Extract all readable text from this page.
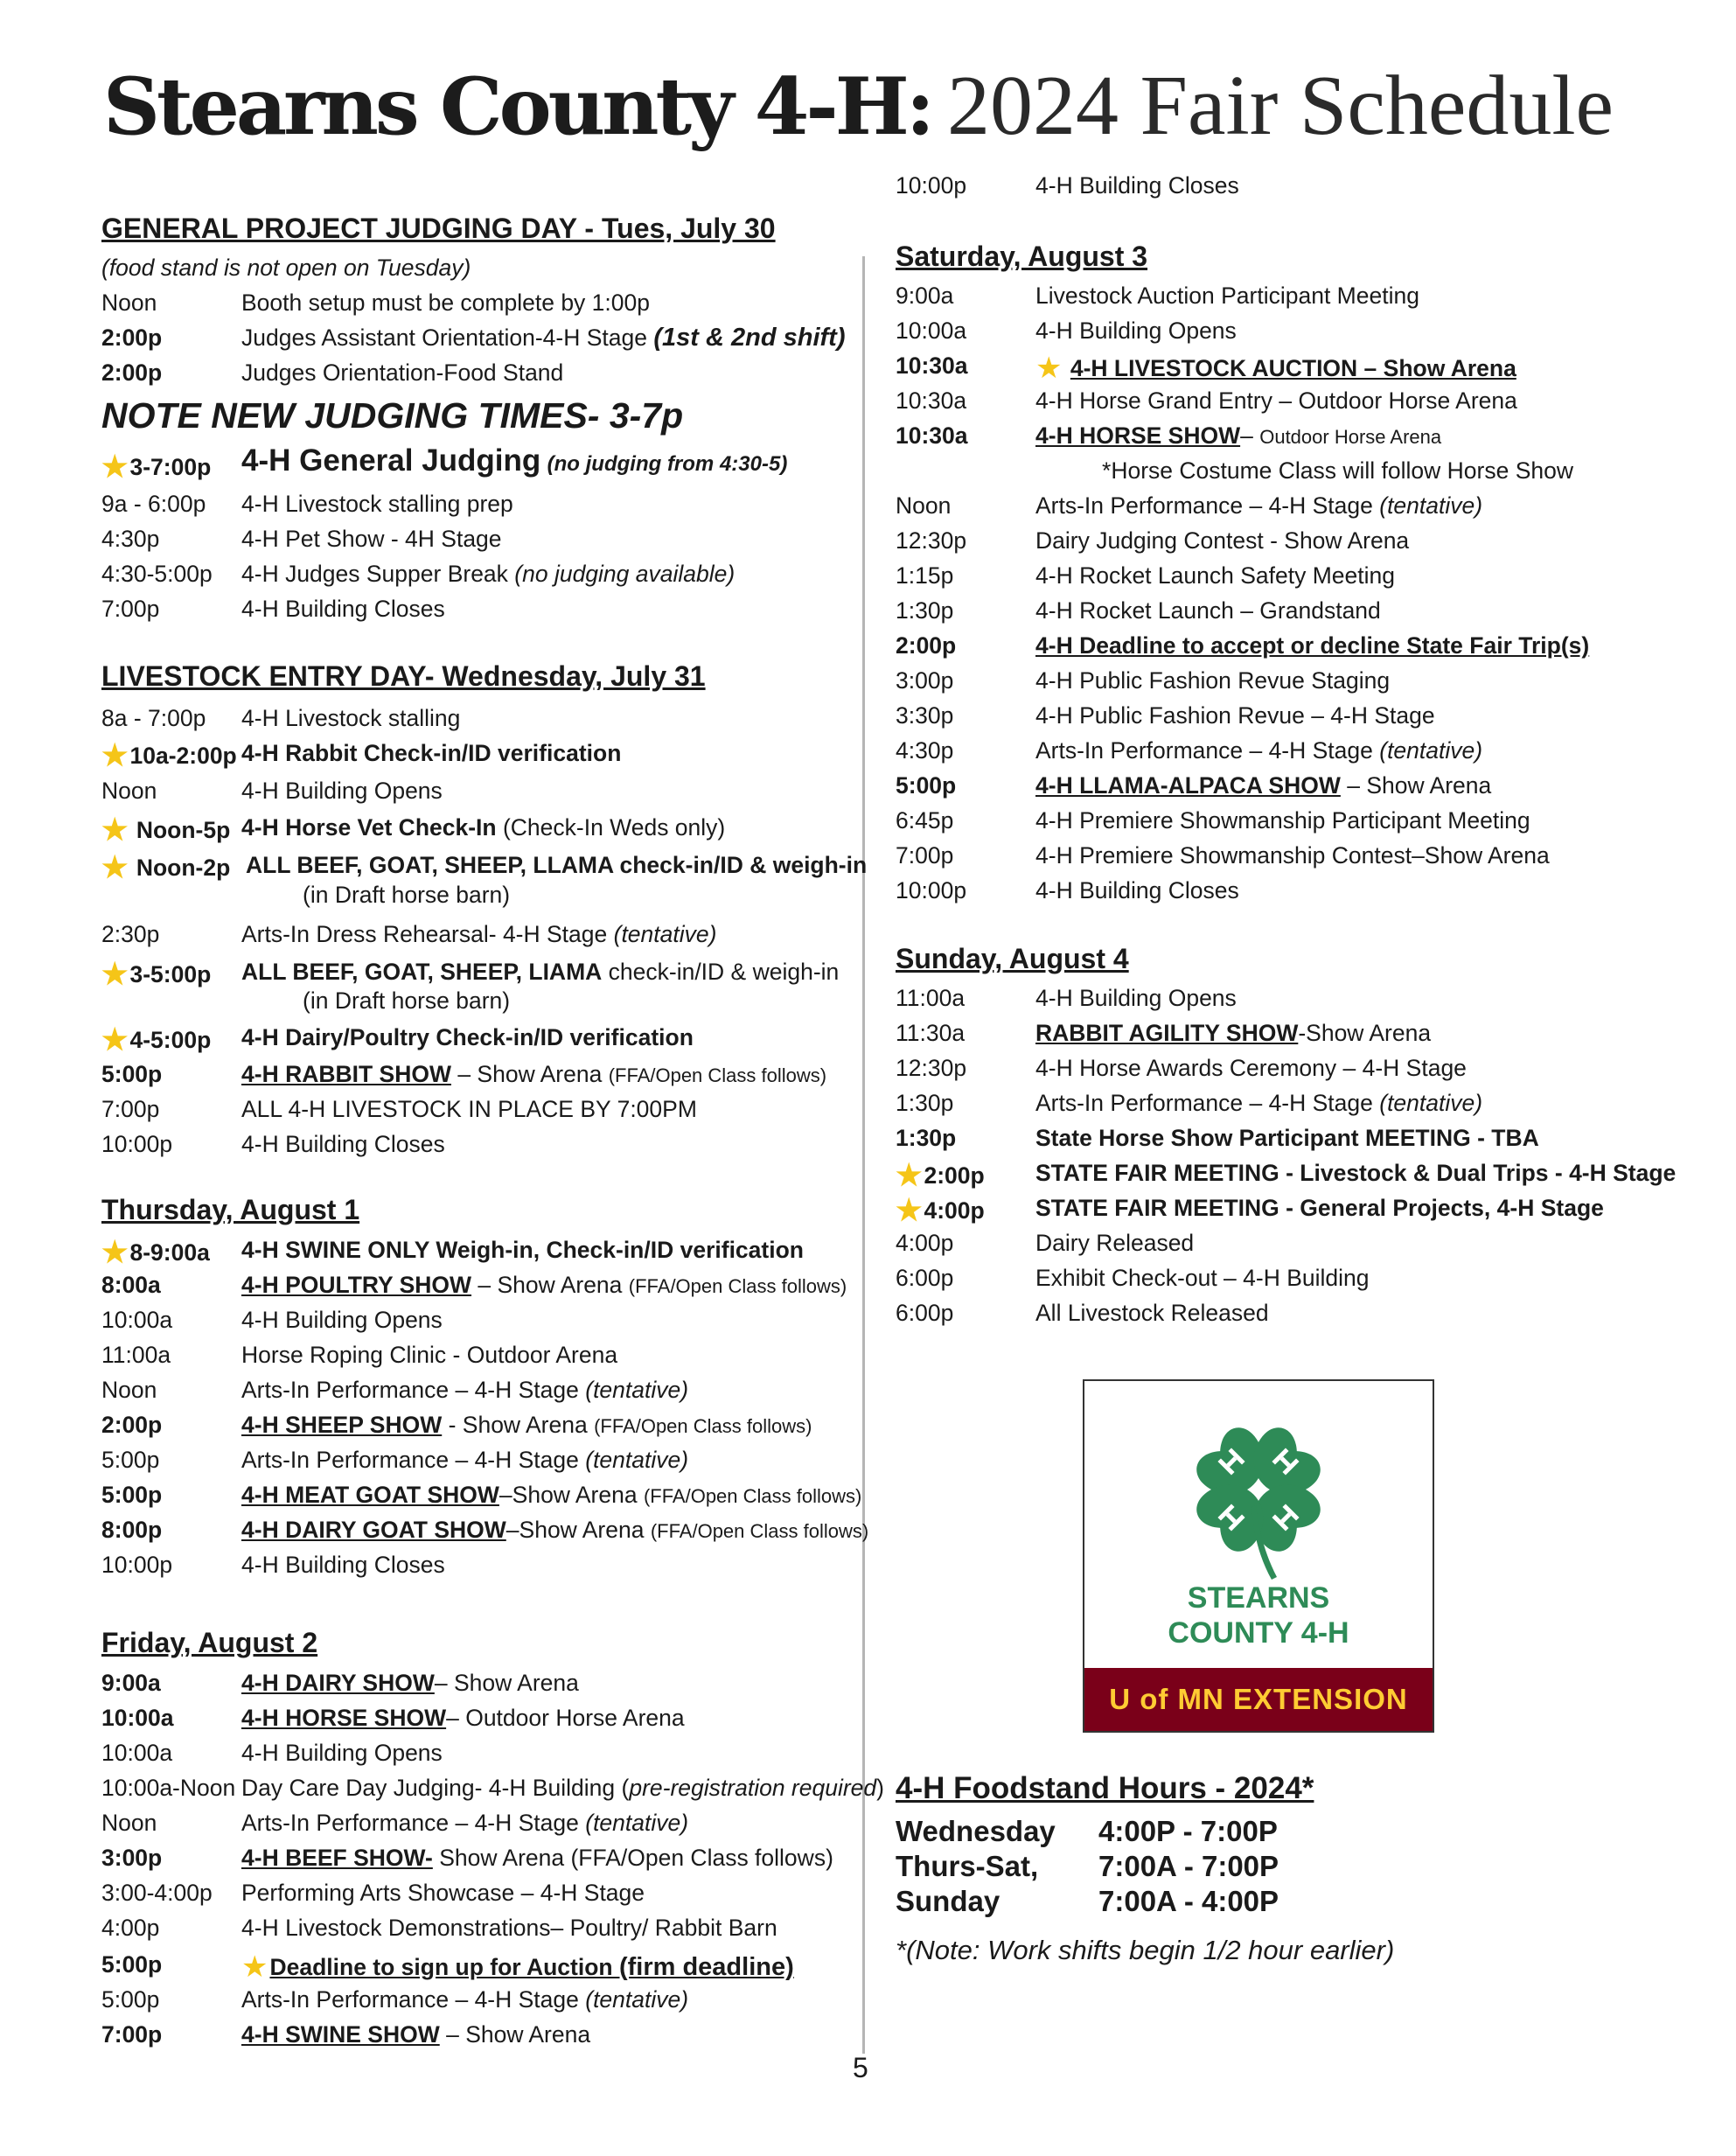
Stearns County 4-H: 2024 Fair Schedule
GENERAL PROJECT JUDGING DAY - Tues, July 30
(food stand is not open on Tuesday)
Noon	Booth setup must be complete by 1:00p
2:00p	Judges Assistant Orientation-4-H Stage (1st & 2nd shift)
2:00p	Judges Orientation-Food Stand
NOTE NEW JUDGING TIMES- 3-7p
★3-7:00p 4-H General Judging (no judging from 4:30-5)
9a - 6:00p 4-H Livestock stalling prep
4:30p	4-H Pet Show - 4H Stage
4:30-5:00p 4-H Judges Supper Break (no judging available)
7:00p	4-H Building Closes
LIVESTOCK ENTRY DAY- Wednesday, July 31
8a - 7:00p 4-H Livestock stalling
★10a-2:00p 4-H Rabbit Check-in/ID verification
Noon	4-H Building Opens
★ Noon-5p 4-H Horse Vet Check-In (Check-In Weds only)
★ Noon-2p ALL BEEF, GOAT, SHEEP, LLAMA check-in/ID & weigh-in
(in Draft horse barn)
2:30p	Arts-In Dress Rehearsal- 4-H Stage (tentative)
★3-5:00p ALL BEEF, GOAT, SHEEP, LIAMA check-in/ID & weigh-in
(in Draft horse barn)
★4-5:00p 4-H Dairy/Poultry Check-in/ID verification
5:00p	4-H RABBIT SHOW – Show Arena (FFA/Open Class follows)
7:00p	ALL 4-H LIVESTOCK IN PLACE BY 7:00PM
10:00p	4-H Building Closes
Thursday, August 1
★8-9:00a 4-H SWINE ONLY Weigh-in, Check-in/ID verification
8:00a	4-H POULTRY SHOW – Show Arena (FFA/Open Class follows)
10:00a	4-H Building Opens
11:00a	Horse Roping Clinic - Outdoor Arena
Noon	Arts-In Performance – 4-H Stage (tentative)
2:00p	4-H SHEEP SHOW - Show Arena (FFA/Open Class follows)
5:00p	Arts-In Performance – 4-H Stage (tentative)
5:00p	4-H MEAT GOAT SHOW–Show Arena (FFA/Open Class follows)
8:00p	4-H DAIRY GOAT SHOW–Show Arena (FFA/Open Class follows)
10:00p	4-H Building Closes
Friday, August 2
9:00a	4-H DAIRY SHOW– Show Arena
10:00a	4-H HORSE SHOW– Outdoor Horse Arena
10:00a	4-H Building Opens
10:00a-Noon Day Care Day Judging- 4-H Building (pre-registration required)
Noon	Arts-In Performance – 4-H Stage (tentative)
3:00p	4-H BEEF SHOW- Show Arena (FFA/Open Class follows)
3:00-4:00p Performing Arts Showcase – 4-H Stage
4:00p	4-H Livestock Demonstrations– Poultry/ Rabbit Barn
5:00p	★Deadline to sign up for Auction (firm deadline)
5:00p	Arts-In Performance – 4-H Stage (tentative)
7:00p	4-H SWINE SHOW – Show Arena
10:00p	4-H Building Closes
Saturday, August 3
9:00a	Livestock Auction Participant Meeting
10:00a	4-H Building Opens
10:30a ★ 4-H LIVESTOCK AUCTION – Show Arena
10:30a	4-H Horse Grand Entry – Outdoor Horse Arena
10:30a	4-H HORSE SHOW– Outdoor Horse Arena
*Horse Costume Class will follow Horse Show
Noon	Arts-In Performance – 4-H Stage (tentative)
12:30p	Dairy Judging Contest - Show Arena
1:15p	4-H Rocket Launch Safety Meeting
1:30p	4-H Rocket Launch – Grandstand
2:00p	4-H Deadline to accept or decline State Fair Trip(s)
3:00p	4-H Public Fashion Revue Staging
3:30p	4-H Public Fashion Revue – 4-H Stage
4:30p	Arts-In Performance – 4-H Stage (tentative)
5:00p	4-H LLAMA-ALPACA SHOW – Show Arena
6:45p	4-H Premiere Showmanship Participant Meeting
7:00p	4-H Premiere Showmanship Contest–Show Arena
10:00p	4-H Building Closes
Sunday, August 4
11:00a	4-H Building Opens
11:30a	RABBIT AGILITY SHOW-Show Arena
12:30p	4-H Horse Awards Ceremony – 4-H Stage
1:30p	Arts-In Performance – 4-H Stage (tentative)
1:30p	State Horse Show Participant MEETING - TBA
★2:00p STATE FAIR MEETING - Livestock & Dual Trips - 4-H Stage
★4:00p STATE FAIR MEETING - General Projects, 4-H Stage
4:00p	Dairy Released
6:00p	Exhibit Check-out – 4-H Building
6:00p	All Livestock Released
4-H Foodstand Hours - 2024*
Wednesday 4:00P - 7:00P
Thurs-Sat, 7:00A - 7:00P
Sunday	7:00A - 4:00P
*(Note: Work shifts begin 1/2 hour earlier)
STEARNS
COUNTY 4-H
U of MN EXTENSION
5
